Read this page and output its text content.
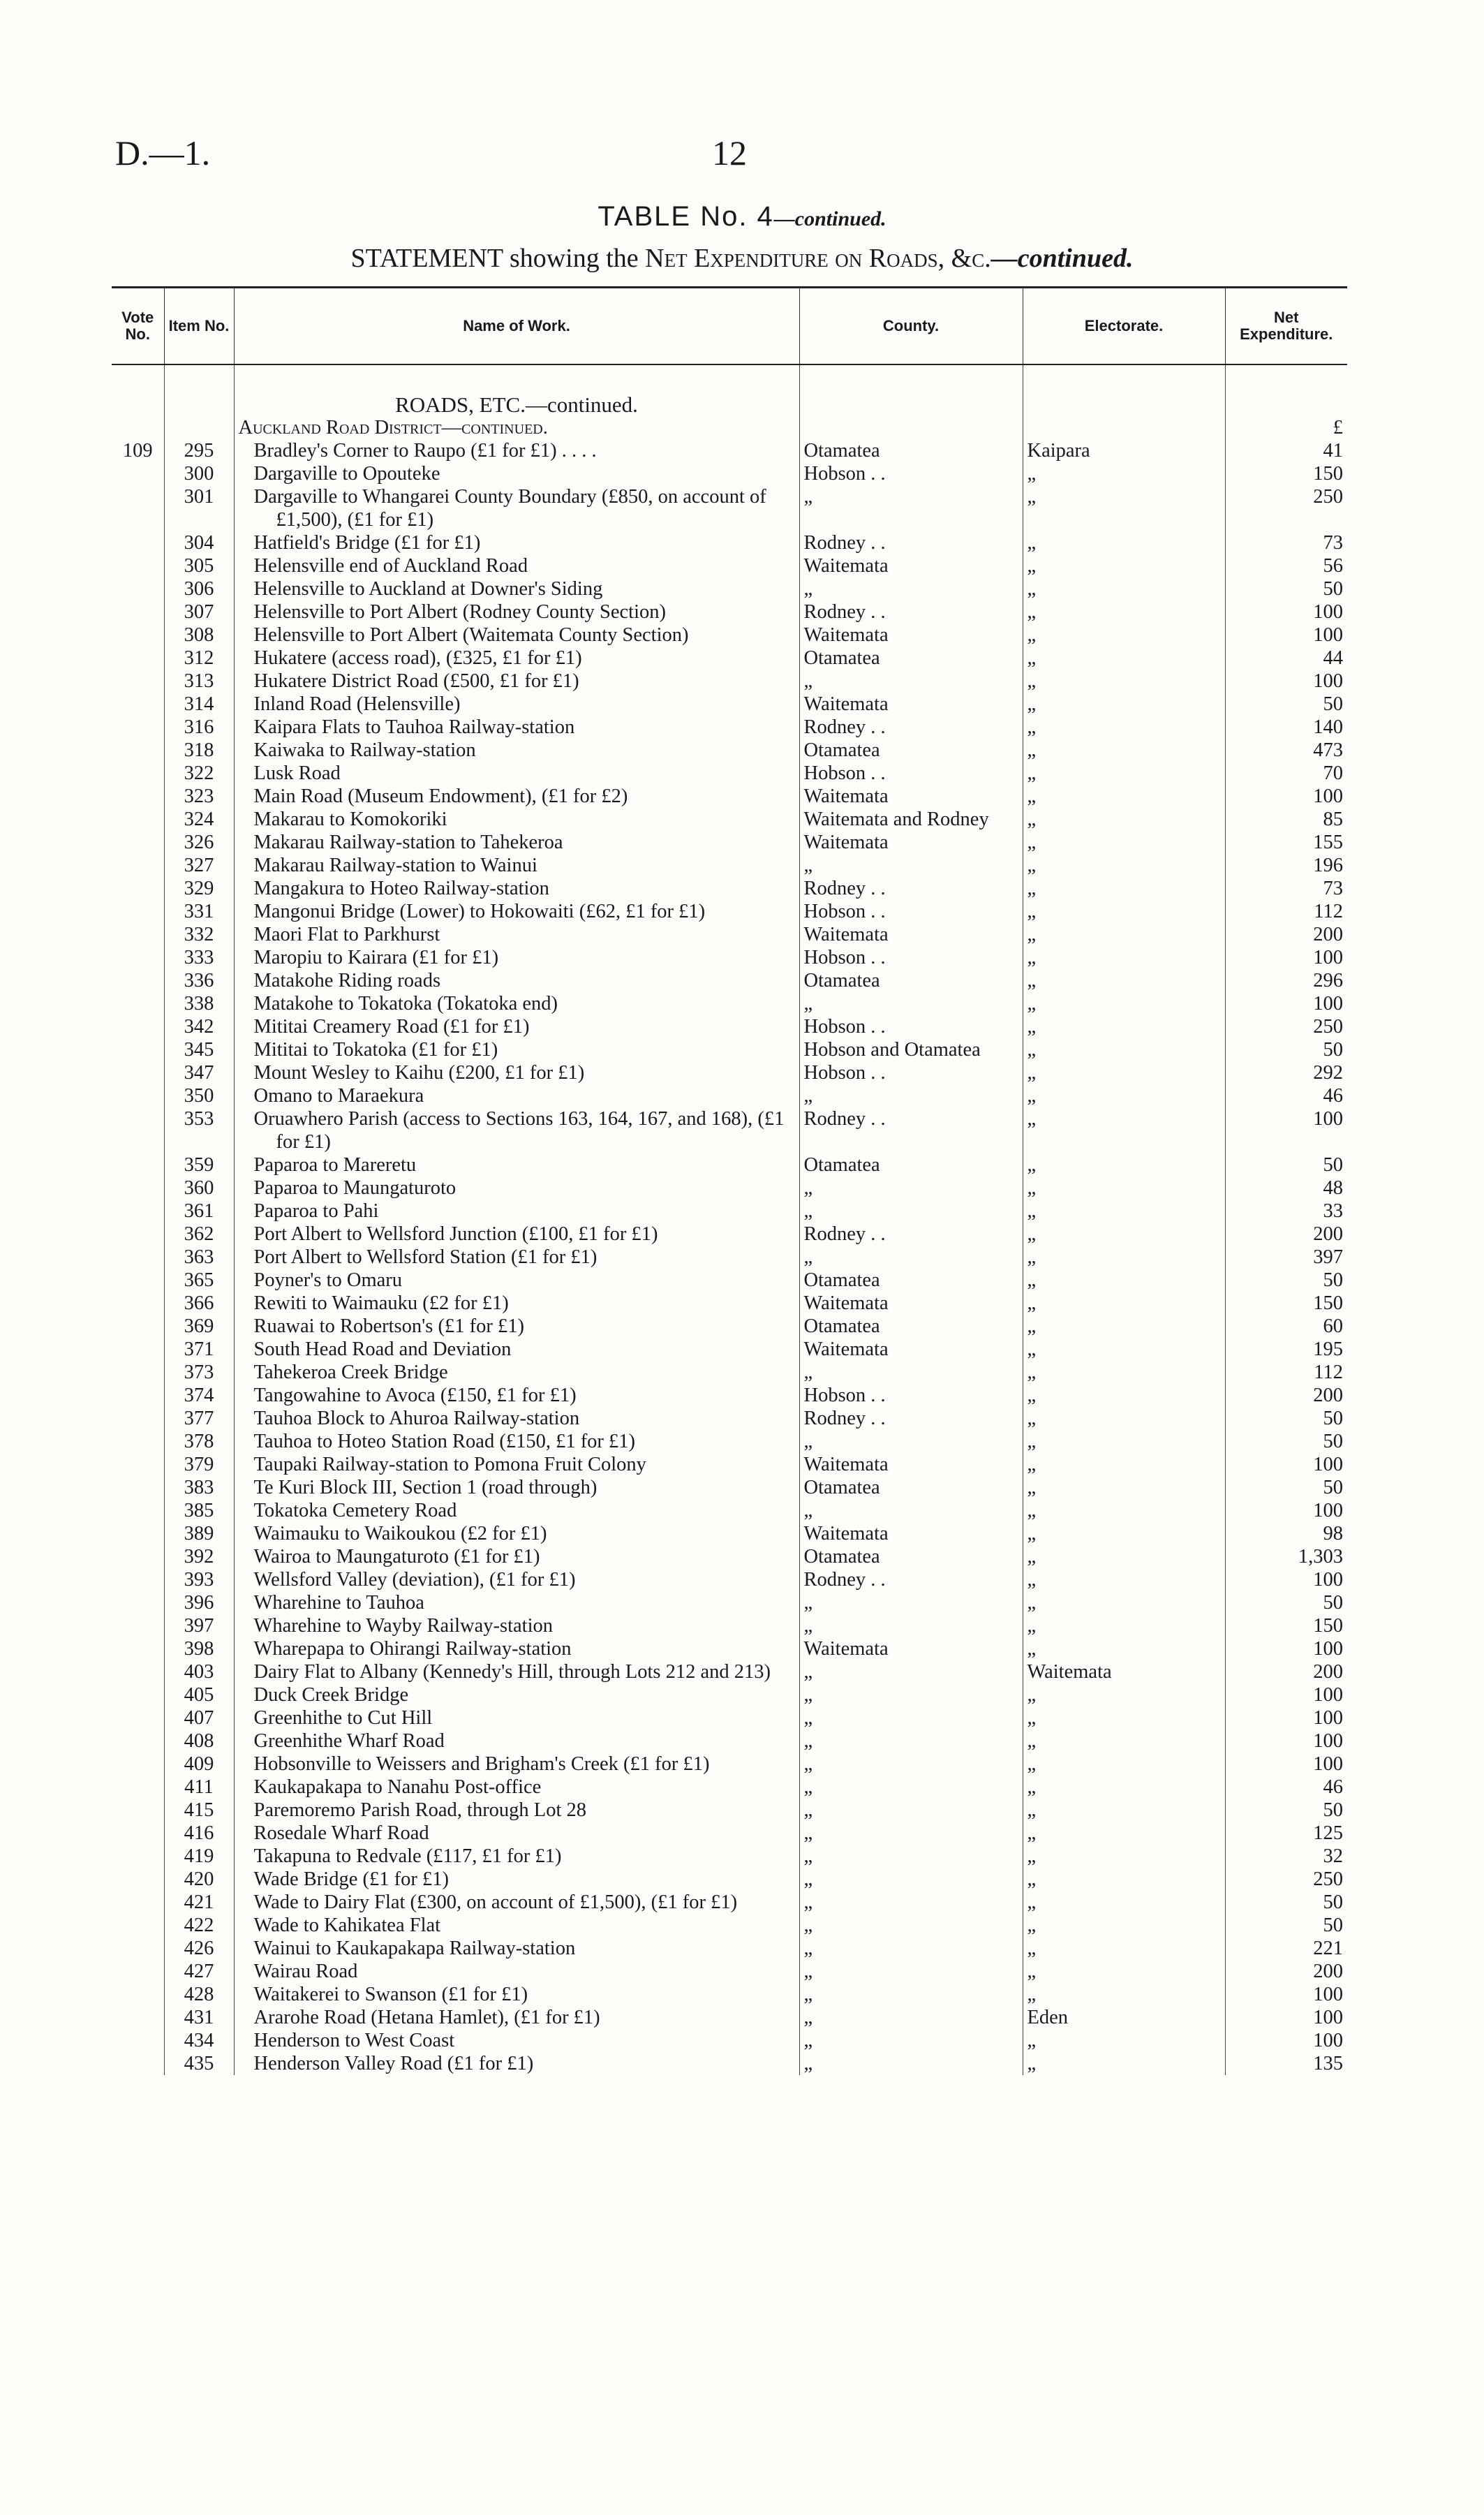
D.—1.	12
TABLE No. 4—continued.
STATEMENT showing the Net Expenditure on Roads, &c.—continued.
Vote No.	Item No.	Name of Work.	County.	Electorate.	Net Expenditure.

		ROADS, ETC.—continued.			
		Auckland Road District—continued.			£
109	295	Bradley's Corner to Raupo (£1 for £1) . . . .	Otamatea	Kaipara	41
	300	Dargaville to Opouteke	Hobson . .	„	150
	301	Dargaville to Whangarei County Boundary (£850, on account of £1,500), (£1 for £1)	„	„	250
	304	Hatfield's Bridge (£1 for £1)	Rodney . .	„	73
	305	Helensville end of Auckland Road	Waitemata	„	56
	306	Helensville to Auckland at Downer's Siding	„	„	50
	307	Helensville to Port Albert (Rodney County Section)	Rodney . .	„	100
	308	Helensville to Port Albert (Waitemata County Section)	Waitemata	„	100
	312	Hukatere (access road), (£325, £1 for £1)	Otamatea	„	44
	313	Hukatere District Road (£500, £1 for £1)	„	„	100
	314	Inland Road (Helensville)	Waitemata	„	50
	316	Kaipara Flats to Tauhoa Railway-station	Rodney . .	„	140
	318	Kaiwaka to Railway-station	Otamatea	„	473
	322	Lusk Road	Hobson . .	„	70
	323	Main Road (Museum Endowment), (£1 for £2)	Waitemata	„	100
	324	Makarau to Komokoriki	Waitemata and Rodney	„	85
	326	Makarau Railway-station to Tahekeroa	Waitemata	„	155
	327	Makarau Railway-station to Wainui	„	„	196
	329	Mangakura to Hoteo Railway-station	Rodney . .	„	73
	331	Mangonui Bridge (Lower) to Hokowaiti (£62, £1 for £1)	Hobson . .	„	112
	332	Maori Flat to Parkhurst	Waitemata	„	200
	333	Maropiu to Kairara (£1 for £1)	Hobson . .	„	100
	336	Matakohe Riding roads	Otamatea	„	296
	338	Matakohe to Tokatoka (Tokatoka end)	„	„	100
	342	Mititai Creamery Road (£1 for £1)	Hobson . .	„	250
	345	Mititai to Tokatoka (£1 for £1)	Hobson and Otamatea	„	50
	347	Mount Wesley to Kaihu (£200, £1 for £1)	Hobson . .	„	292
	350	Omano to Maraekura	„	„	46
	353	Oruawhero Parish (access to Sections 163, 164, 167, and 168), (£1 for £1)	Rodney . .	„	100
	359	Paparoa to Mareretu	Otamatea	„	50
	360	Paparoa to Maungaturoto	„	„	48
	361	Paparoa to Pahi	„	„	33
	362	Port Albert to Wellsford Junction (£100, £1 for £1)	Rodney . .	„	200
	363	Port Albert to Wellsford Station (£1 for £1)	„	„	397
	365	Poyner's to Omaru	Otamatea	„	50
	366	Rewiti to Waimauku (£2 for £1)	Waitemata	„	150
	369	Ruawai to Robertson's (£1 for £1)	Otamatea	„	60
	371	South Head Road and Deviation	Waitemata	„	195
	373	Tahekeroa Creek Bridge	„	„	112
	374	Tangowahine to Avoca (£150, £1 for £1)	Hobson . .	„	200
	377	Tauhoa Block to Ahuroa Railway-station	Rodney . .	„	50
	378	Tauhoa to Hoteo Station Road (£150, £1 for £1)	„	„	50
	379	Taupaki Railway-station to Pomona Fruit Colony	Waitemata	„	100
	383	Te Kuri Block III, Section 1 (road through)	Otamatea	„	50
	385	Tokatoka Cemetery Road	„	„	100
	389	Waimauku to Waikoukou (£2 for £1)	Waitemata	„	98
	392	Wairoa to Maungaturoto (£1 for £1)	Otamatea	„	1,303
	393	Wellsford Valley (deviation), (£1 for £1)	Rodney . .	„	100
	396	Wharehine to Tauhoa	„	„	50
	397	Wharehine to Wayby Railway-station	„	„	150
	398	Wharepapa to Ohirangi Railway-station	Waitemata	„	100
	403	Dairy Flat to Albany (Kennedy's Hill, through Lots 212 and 213)	„	Waitemata	200
	405	Duck Creek Bridge	„	„	100
	407	Greenhithe to Cut Hill	„	„	100
	408	Greenhithe Wharf Road	„	„	100
	409	Hobsonville to Weissers and Brigham's Creek (£1 for £1)	„	„	100
	411	Kaukapakapa to Nanahu Post-office	„	„	46
	415	Paremoremo Parish Road, through Lot 28	„	„	50
	416	Rosedale Wharf Road	„	„	125
	419	Takapuna to Redvale (£117, £1 for £1)	„	„	32
	420	Wade Bridge (£1 for £1)	„	„	250
	421	Wade to Dairy Flat (£300, on account of £1,500), (£1 for £1)	„	„	50
	422	Wade to Kahikatea Flat	„	„	50
	426	Wainui to Kaukapakapa Railway-station	„	„	221
	427	Wairau Road	„	„	200
	428	Waitakerei to Swanson (£1 for £1)	„	„	100
	431	Ararohe Road (Hetana Hamlet), (£1 for £1)	„	Eden	100
	434	Henderson to West Coast	„	„	100
	435	Henderson Valley Road (£1 for £1)	„	„	135
